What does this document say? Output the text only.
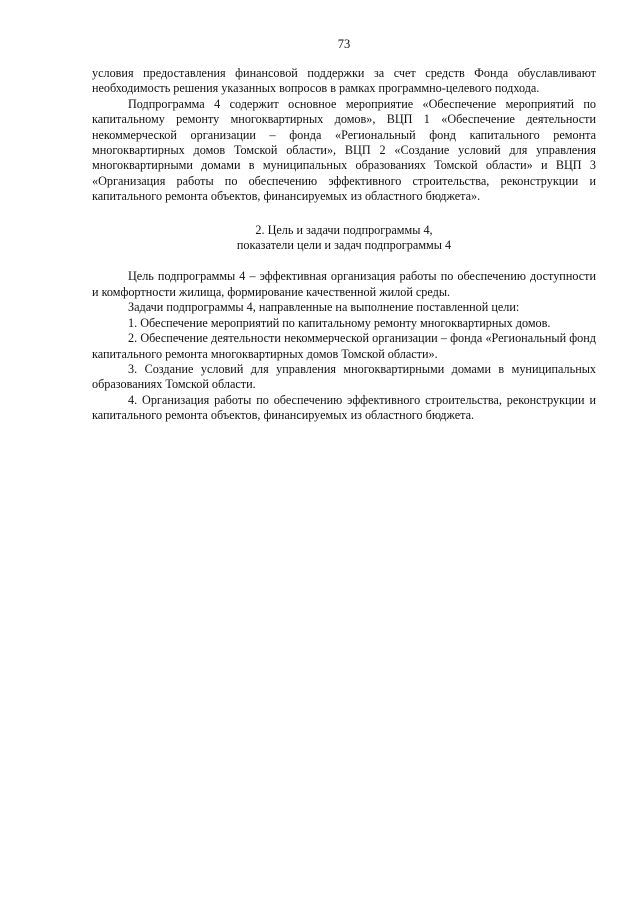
73

условия предоставления финансовой поддержки за счет средств Фонда обуславливают необходимость решения указанных вопросов в рамках программно-целевого подхода.

Подпрограмма 4 содержит основное мероприятие «Обеспечение мероприятий по капитальному ремонту многоквартирных домов», ВЦП 1 «Обеспечение деятельности некоммерческой организации – фонда «Региональный фонд капитального ремонта многоквартирных домов Томской области», ВЦП 2 «Создание условий для управления многоквартирными домами в муниципальных образованиях Томской области» и ВЦП 3 «Организация работы по обеспечению эффективного строительства, реконструкции и капитального ремонта объектов, финансируемых из областного бюджета».

2. Цель и задачи подпрограммы 4,

показатели цели и задач подпрограммы 4

Цель подпрограммы 4 – эффективная организация работы по обеспечению доступности и комфортности жилища, формирование качественной жилой среды.

Задачи подпрограммы 4, направленные на выполнение поставленной цели:

1. Обеспечение мероприятий по капитальному ремонту многоквартирных домов.

2. Обеспечение деятельности некоммерческой организации – фонда «Региональный фонд капитального ремонта многоквартирных домов Томской области».

3. Создание условий для управления многоквартирными домами в муниципальных образованиях Томской области.

4. Организация работы по обеспечению эффективного строительства, реконструкции и капитального ремонта объектов, финансируемых из областного бюджета.
